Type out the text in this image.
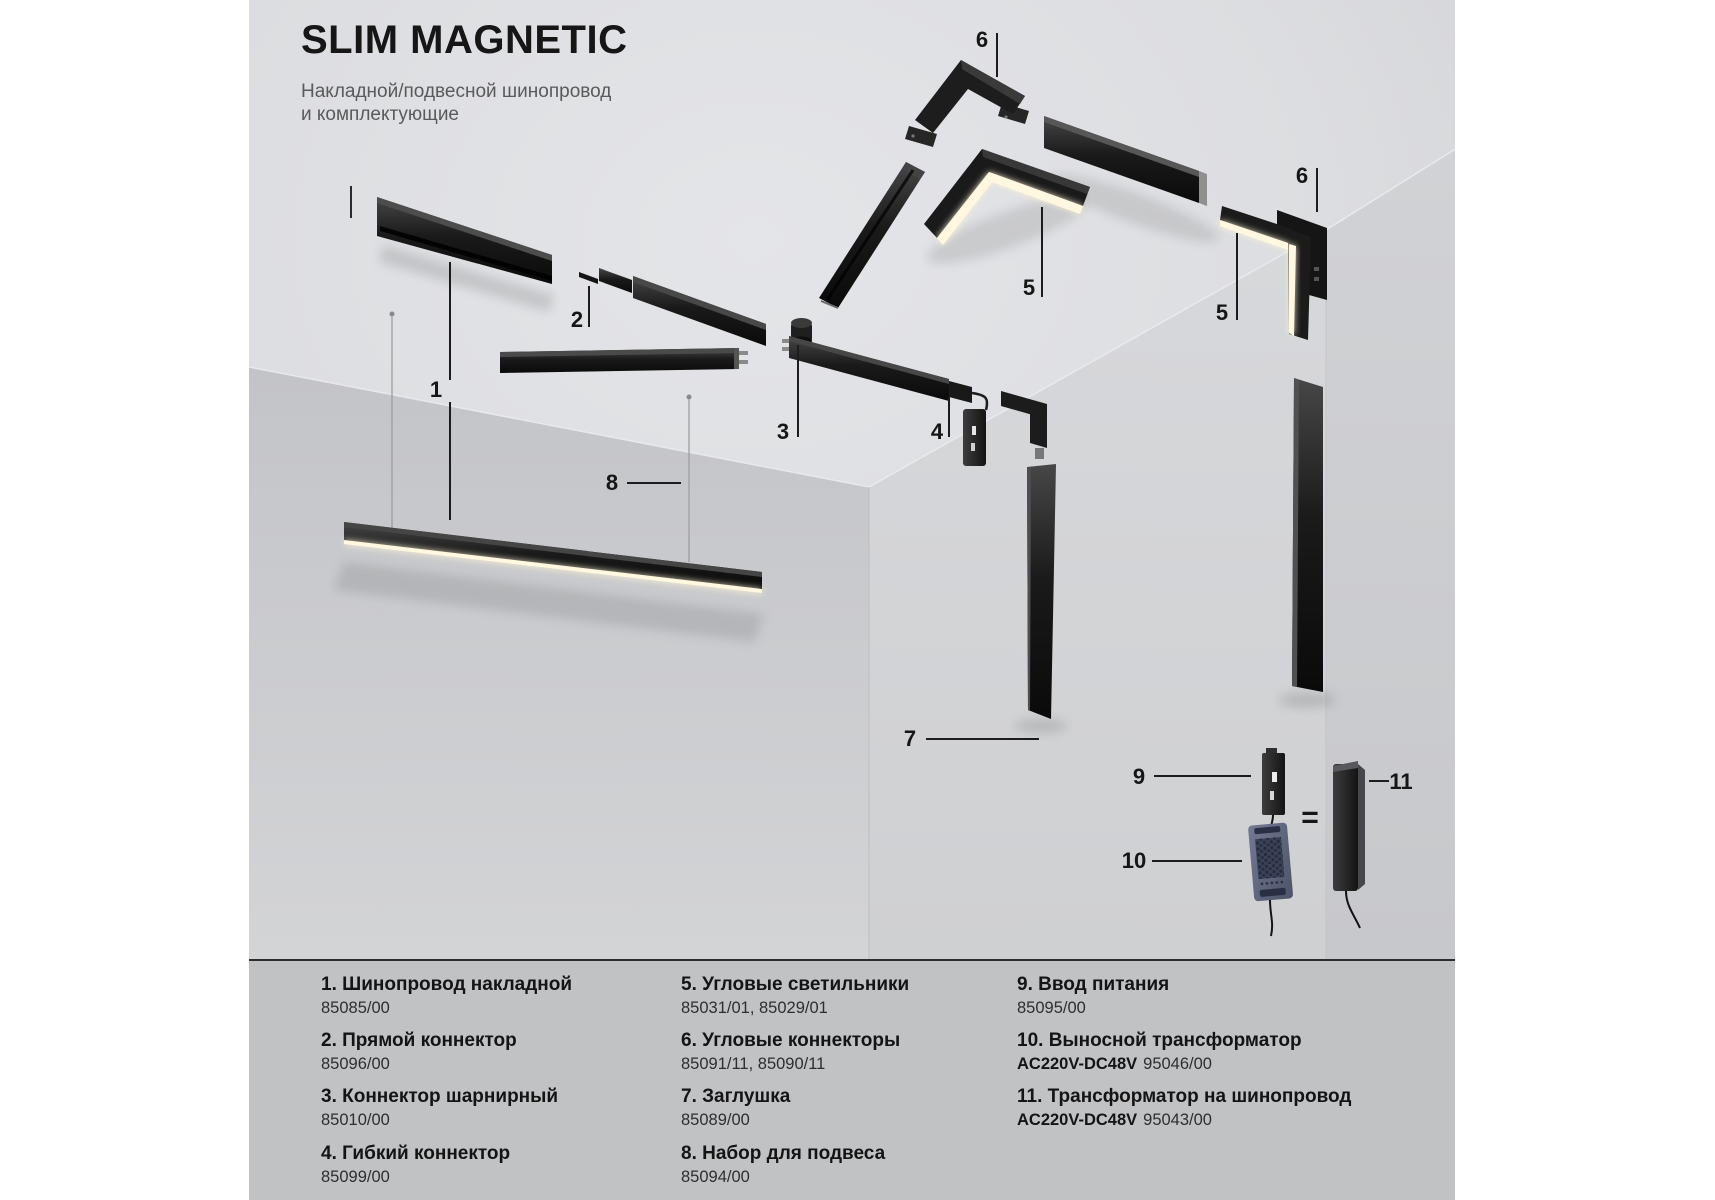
SLIM MAGNETIC
Накладной/подвесной шинопровод
и комплектующие
6
6
5
5
2
1
3	4
8
7
9
10
11
=
1. Шинопровод накладной
85085/00
2. Прямой коннектор
85096/00
3. Коннектор шарнирный
85010/00
4. Гибкий коннектор
85099/00
5. Угловые светильники
85031/01, 85029/01
6. Угловые коннекторы
85091/11, 85090/11
7. Заглушка
85089/00
8. Набор для подвеса
85094/00
9. Ввод питания
85095/00
10. Выносной трансформатор
AC220V-DC48V 95046/00
11. Трансформатор на шинопровод
AC220V-DC48V 95043/00
